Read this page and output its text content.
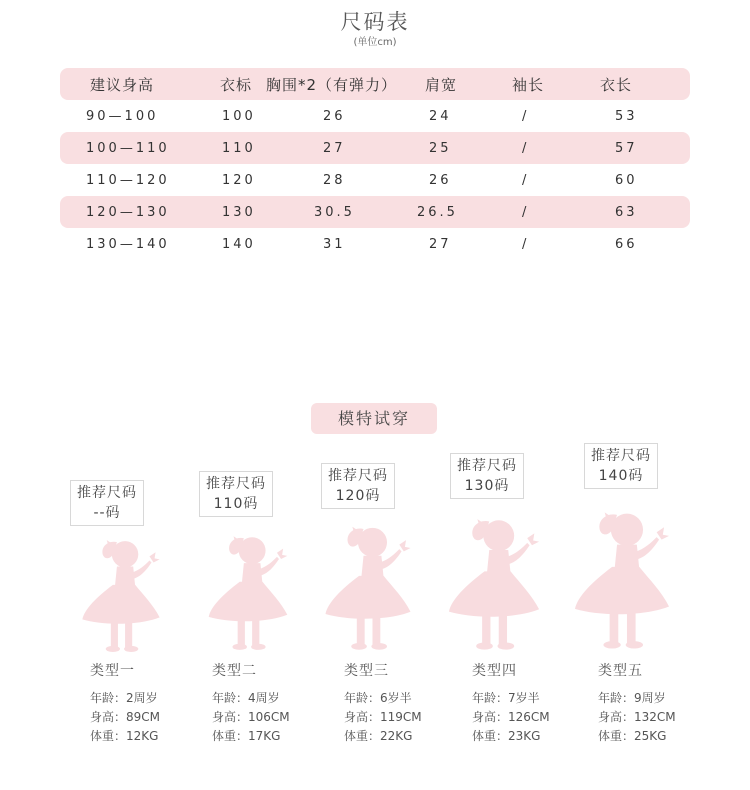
尺码表
(单位cm)
建议身高	衣标 胸围*2（有弹力） 肩宽	袖长	衣长
90—100	100	26	24	/	53
100—110	110	27	25	/	57
110—120	120	28	26	/	60
120—130	130	30.5	26.5	/	63
130—140	140	31	27	/	66
模特试穿
推荐尺码
--码
类型一
年龄：2周岁
身高：89CM
体重：12KG
推荐尺码
110码
类型二
年龄：4周岁
身高：106CM
体重：17KG
推荐尺码
120码
类型三
年龄：6岁半
身高：119CM
体重：22KG
推荐尺码
130码
类型四
年龄：7岁半
身高：126CM
体重：23KG
推荐尺码
140码
类型五
年龄：9周岁
身高：132CM
体重：25KG
